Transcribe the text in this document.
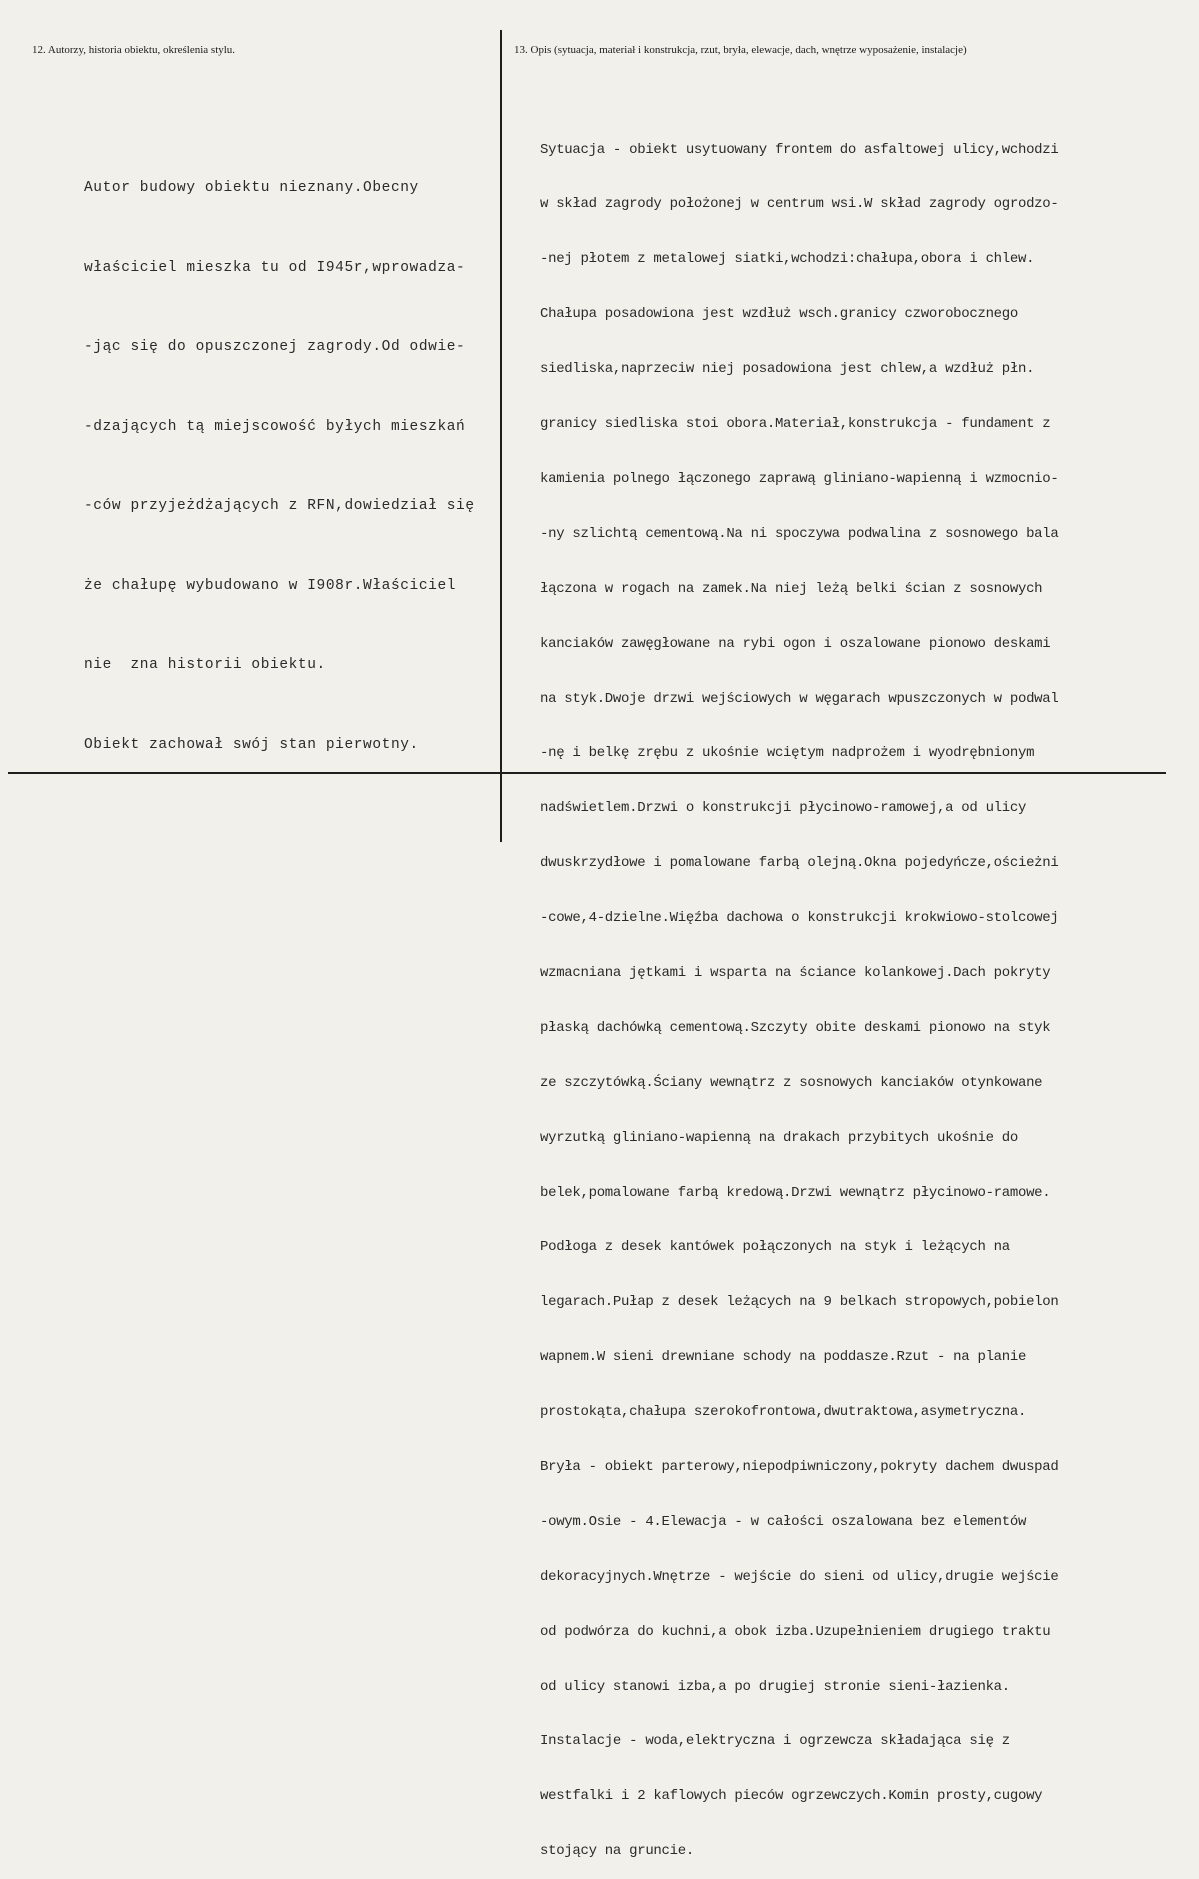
12. Autorzy, historia obiektu, określenia stylu.	13. Opis (sytuacja, materiał i konstrukcja, rzut, bryła, elewacje, dach, wnętrze wyposażenie, instalacje)

Autor budowy obiektu nieznany.Obecny

właściciel mieszka tu od I945r,wprowadza-

-jąc się do opuszczonej zagrody.Od odwie-

-dzających tą miejscowość byłych mieszkań

-ców przyjeżdżających z RFN,dowiedział się

że chałupę wybudowano w I908r.Właściciel

nie  zna historii obiektu.

Obiekt zachował swój stan pierwotny.

Sytuacja - obiekt usytuowany frontem do asfaltowej ulicy,wchodzi

w skład zagrody położonej w centrum wsi.W skład zagrody ogrodzo-

-nej płotem z metalowej siatki,wchodzi:chałupa,obora i chlew.

Chałupa posadowiona jest wzdłuż wsch.granicy czworobocznego

siedliska,naprzeciw niej posadowiona jest chlew,a wzdłuż płn.

granicy siedliska stoi obora.Materiał,konstrukcja - fundament z

kamienia polnego łączonego zaprawą gliniano-wapienną i wzmocnio-

-ny szlichtą cementową.Na ni spoczywa podwalina z sosnowego bala

łączona w rogach na zamek.Na niej leżą belki ścian z sosnowych

kanciaków zawęgłowane na rybi ogon i oszalowane pionowo deskami

na styk.Dwoje drzwi wejściowych w węgarach wpuszczonych w podwal

-nę i belkę zrębu z ukośnie wciętym nadprożem i wyodrębnionym

nadświetlem.Drzwi o konstrukcji płycinowo-ramowej,a od ulicy

dwuskrzydłowe i pomalowane farbą olejną.Okna pojedyńcze,ościeżni

-cowe,4-dzielne.Więźba dachowa o konstrukcji krokwiowo-stolcowej

wzmacniana jętkami i wsparta na ściance kolankowej.Dach pokryty

płaską dachówką cementową.Szczyty obite deskami pionowo na styk

ze szczytówką.Ściany wewnątrz z sosnowych kanciaków otynkowane

wyrzutką gliniano-wapienną na drakach przybitych ukośnie do

belek,pomalowane farbą kredową.Drzwi wewnątrz płycinowo-ramowe.

Podłoga z desek kantówek połączonych na styk i leżących na

legarach.Pułap z desek leżących na 9 belkach stropowych,pobielon

wapnem.W sieni drewniane schody na poddasze.Rzut - na planie

prostokąta,chałupa szerokofrontowa,dwutraktowa,asymetryczna.

Bryła - obiekt parterowy,niepodpiwniczony,pokryty dachem dwuspad

-owym.Osie - 4.Elewacja - w całości oszalowana bez elementów

dekoracyjnych.Wnętrze - wejście do sieni od ulicy,drugie wejście

od podwórza do kuchni,a obok izba.Uzupełnieniem drugiego traktu

od ulicy stanowi izba,a po drugiej stronie sieni-łazienka.

Instalacje - woda,elektryczna i ogrzewcza składająca się z

westfalki i 2 kaflowych pieców ogrzewczych.Komin prosty,cugowy

stojący na gruncie.
